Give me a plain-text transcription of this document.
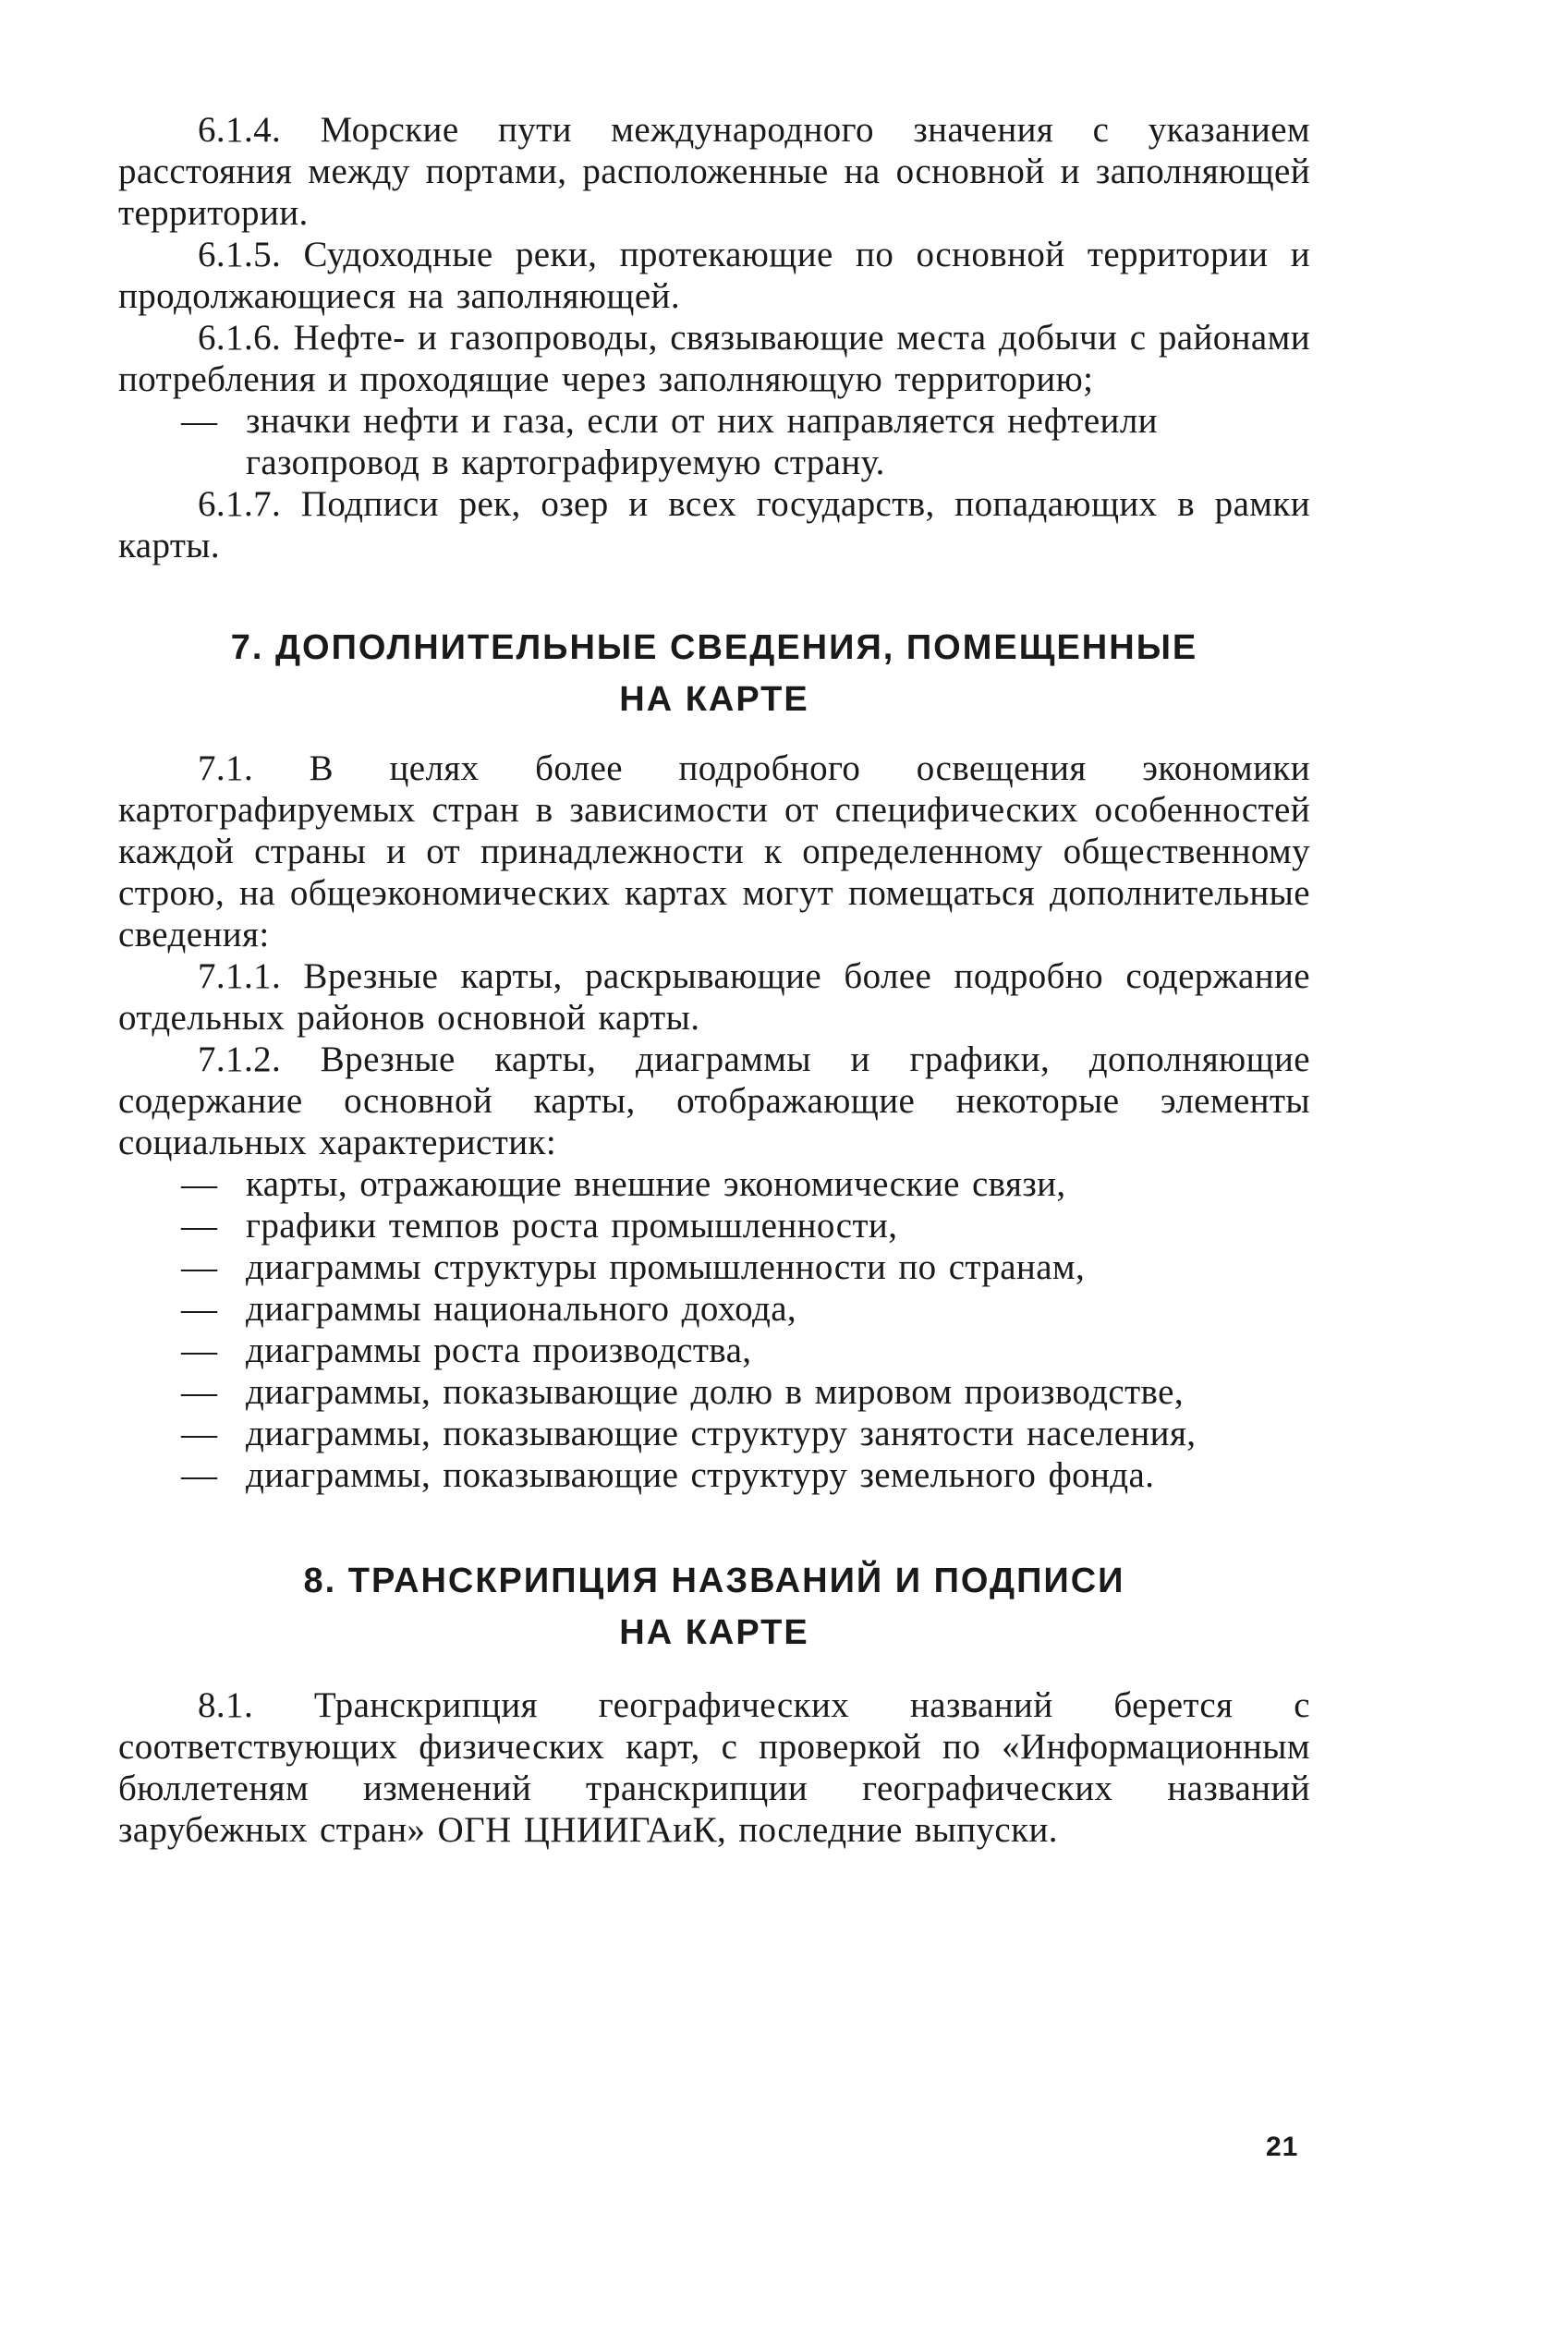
6.1.4. Морские пути международного значения с указанием расстояния между портами, расположенные на основной и заполняющей территории.

6.1.5. Судоходные реки, протекающие по основной территории и продолжающиеся на заполняющей.

6.1.6. Нефте- и газопроводы, связывающие места добычи с районами потребления и проходящие через заполняющую территорию;

— значки нефти и газа, если от них направляется нефтеили газопровод в картографируемую страну.

6.1.7. Подписи рек, озер и всех государств, попадающих в рамки карты.

7. ДОПОЛНИТЕЛЬНЫЕ СВЕДЕНИЯ, ПОМЕЩЕННЫЕ

НА КАРТЕ

7.1. В целях более подробного освещения экономики картографируемых стран в зависимости от специфических особенностей каждой страны и от принадлежности к определенному общественному строю, на общеэкономических картах могут помещаться дополнительные сведения:

7.1.1. Врезные карты, раскрывающие более подробно содержание отдельных районов основной карты.

7.1.2. Врезные карты, диаграммы и графики, дополняющие содержание основной карты, отображающие некоторые элементы социальных характеристик:

— карты, отражающие внешние экономические связи,

— графики темпов роста промышленности,

— диаграммы структуры промышленности по странам,

— диаграммы национального дохода,

— диаграммы роста производства,

— диаграммы, показывающие долю в мировом производстве,

— диаграммы, показывающие структуру занятости населения,

— диаграммы, показывающие структуру земельного фонда.

8. ТРАНСКРИПЦИЯ НАЗВАНИЙ И ПОДПИСИ

НА КАРТЕ

8.1. Транскрипция географических названий берется с соответствующих физических карт, с проверкой по «Информационным бюллетеням изменений транскрипции географических названий зарубежных стран» ОГН ЦНИИГАиК, последние выпуски.

21
